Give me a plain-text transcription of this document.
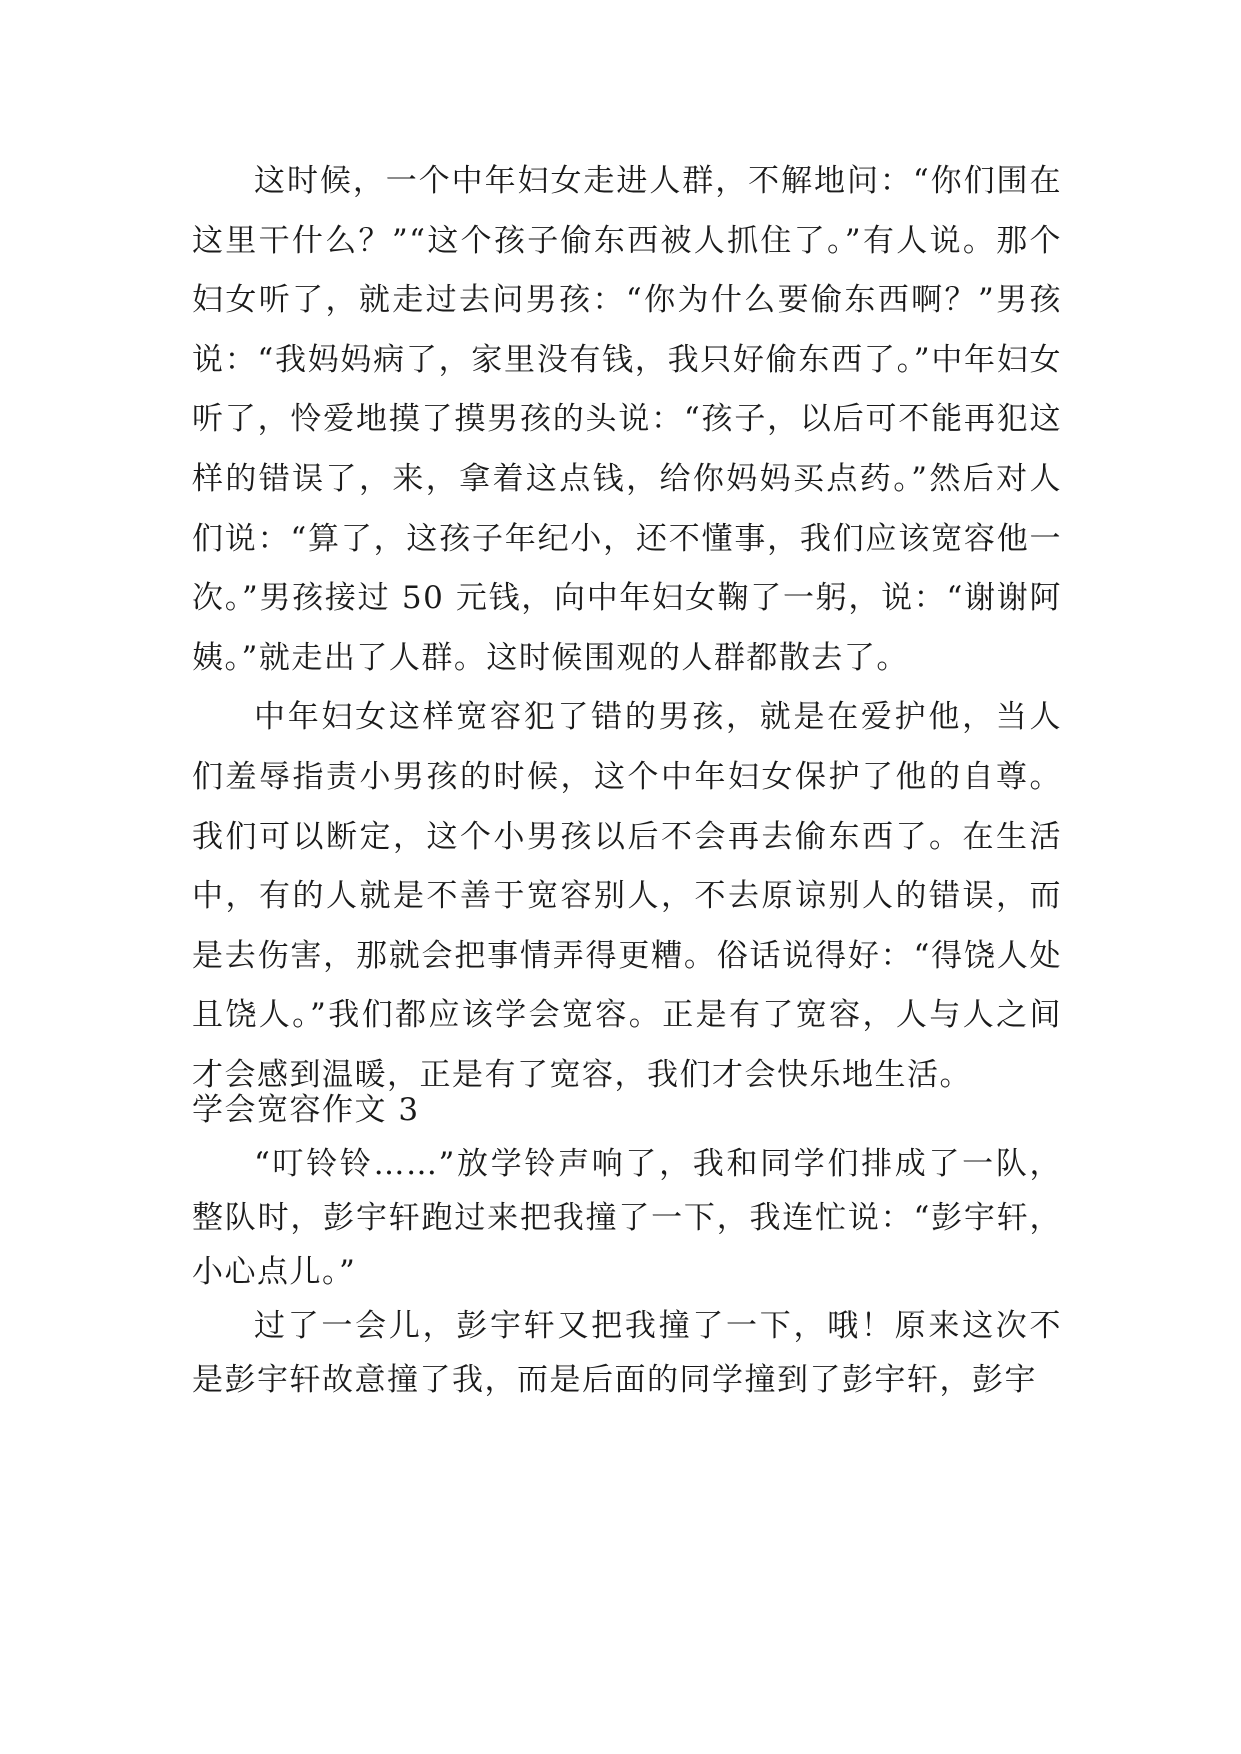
这时候，一个中年妇女走进人群，不解地问：“你们围在这里干什么？”“这个孩子偷东西被人抓住了。”有人说。那个妇女听了，就走过去问男孩：“你为什么要偷东西啊？”男孩说：“我妈妈病了，家里没有钱，我只好偷东西了。”中年妇女听了，怜爱地摸了摸男孩的头说：“孩子，以后可不能再犯这样的错误了，来，拿着这点钱，给你妈妈买点药。”然后对人们说：“算了，这孩子年纪小，还不懂事，我们应该宽容他一次。”男孩接过 50 元钱，向中年妇女鞠了一躬，说：“谢谢阿姨。”就走出了人群。这时候围观的人群都散去了。

中年妇女这样宽容犯了错的男孩，就是在爱护他，当人们羞辱指责小男孩的时候，这个中年妇女保护了他的自尊。我们可以断定，这个小男孩以后不会再去偷东西了。在生活中，有的人就是不善于宽容别人，不去原谅别人的错误，而是去伤害，那就会把事情弄得更糟。俗话说得好：“得饶人处且饶人。”我们都应该学会宽容。正是有了宽容，人与人之间才会感到温暖，正是有了宽容，我们才会快乐地生活。

学会宽容作文 3

“叮铃铃……”放学铃声响了，我和同学们排成了一队，整队时，彭宇轩跑过来把我撞了一下，我连忙说：“彭宇轩，小心点儿。”

过了一会儿，彭宇轩又把我撞了一下，哦！原来这次不是彭宇轩故意撞了我，而是后面的同学撞到了彭宇轩，彭宇
